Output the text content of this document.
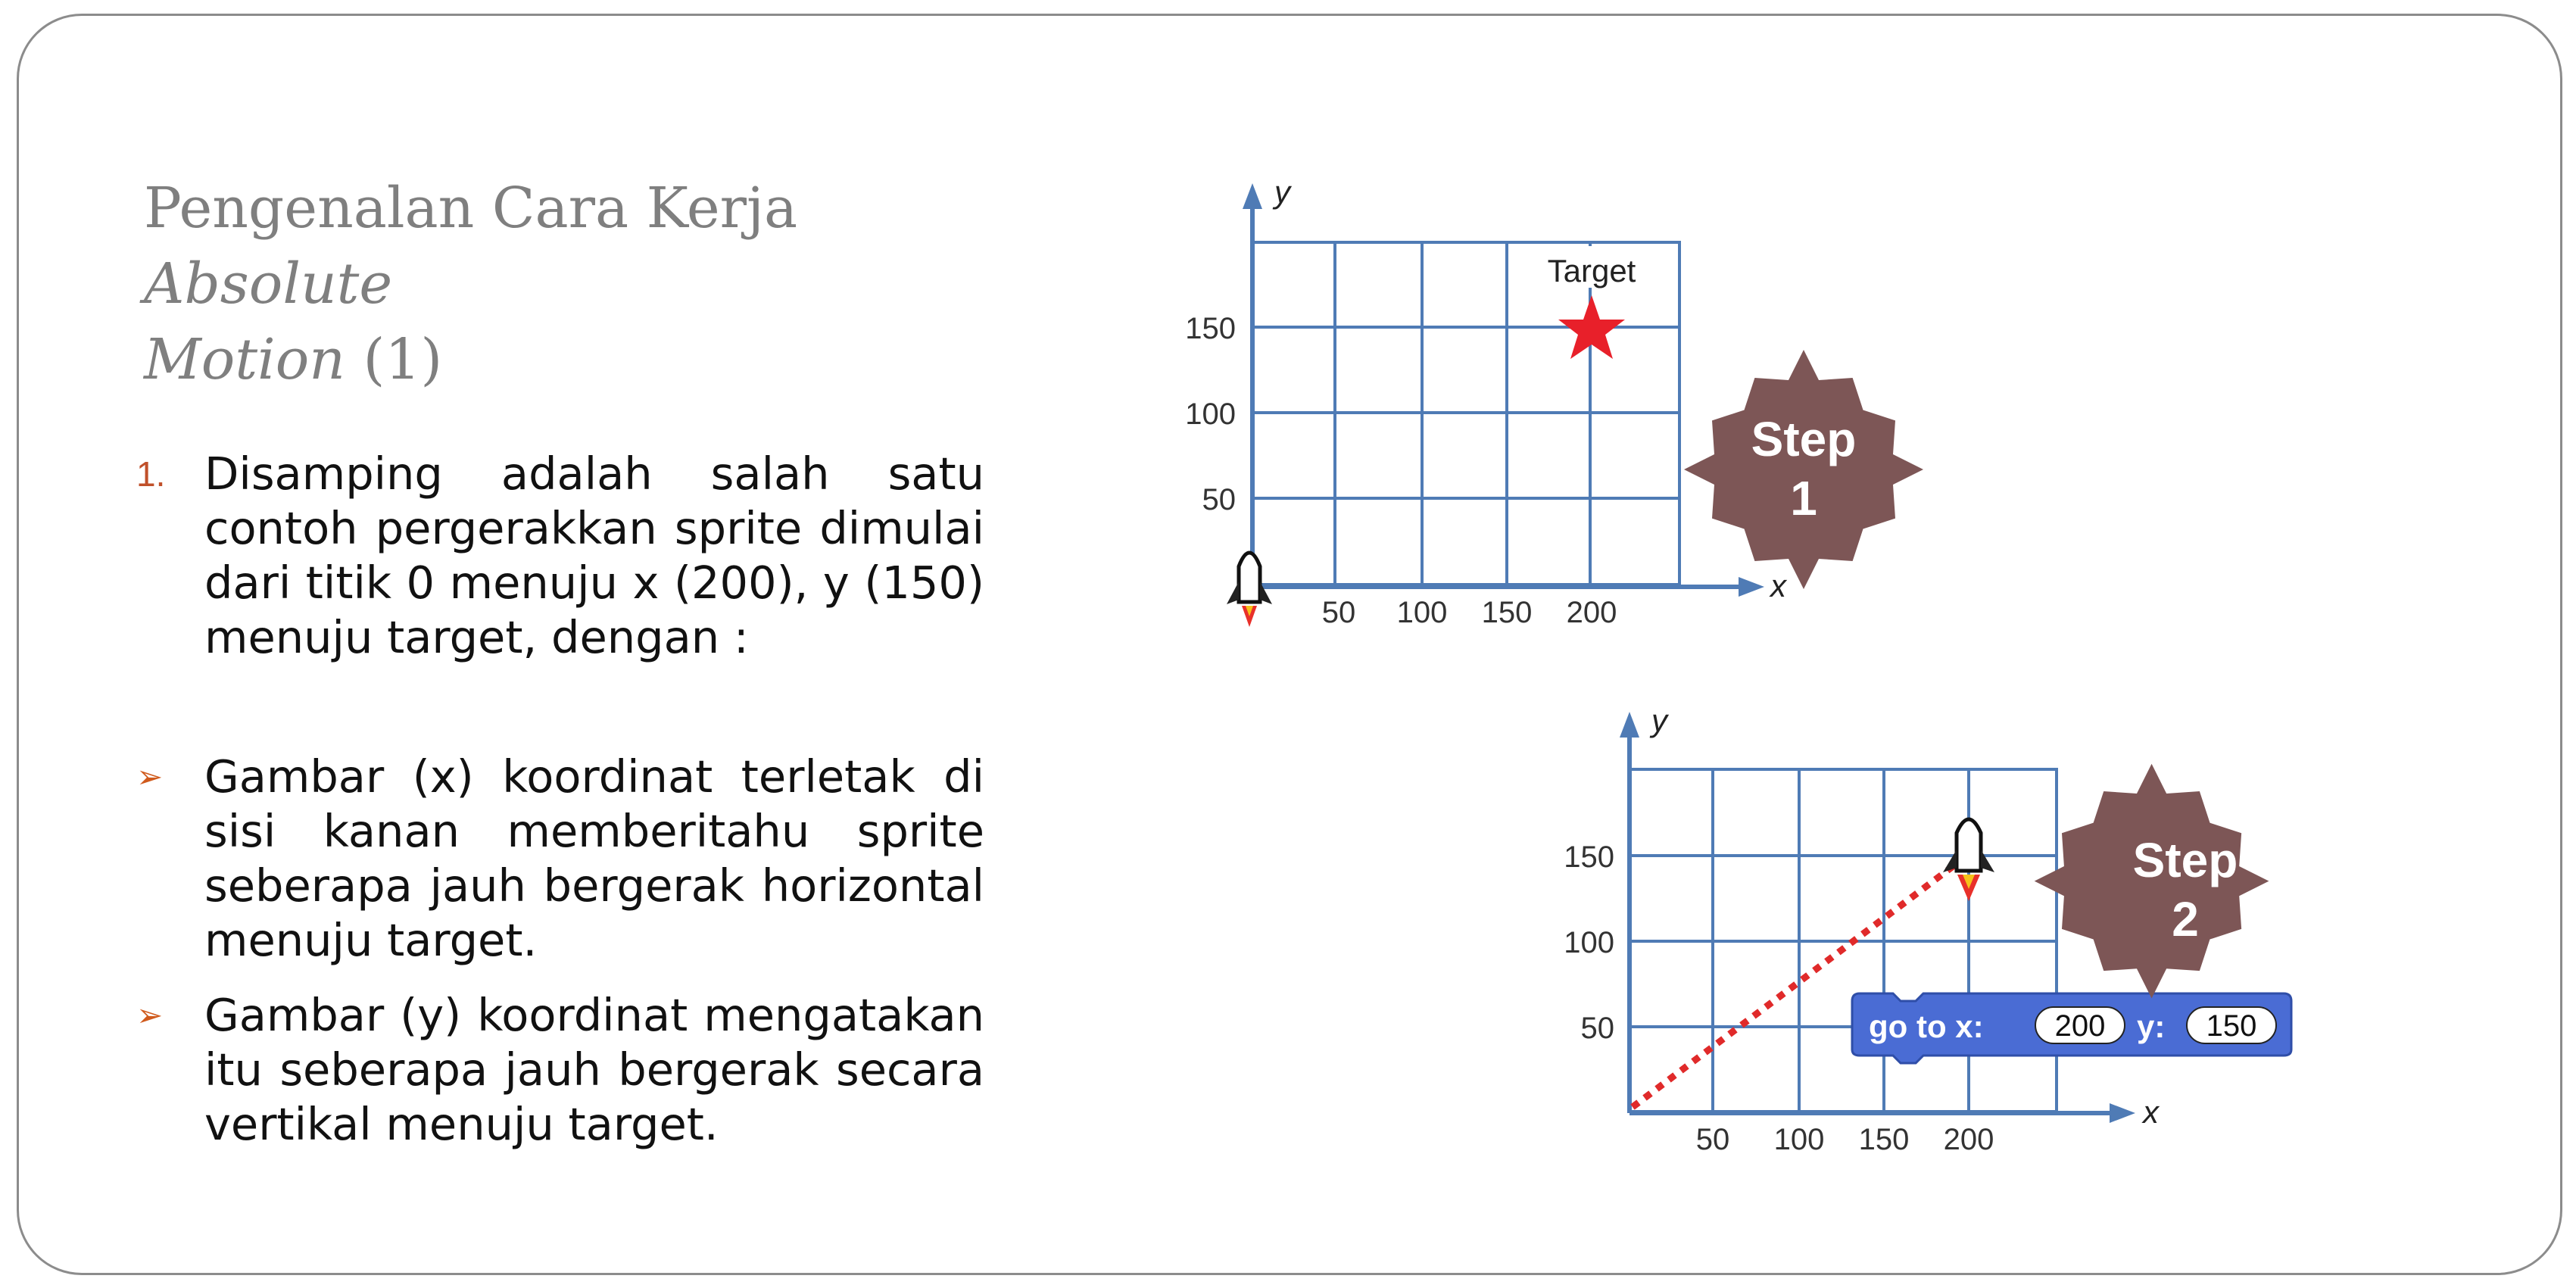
Pengenalan Cara Kerja Absolute
Motion (1)
1. Disamping adalah salah satu contoh pergerakkan sprite dimulai dari titik 0 menuju x (200), y (150) menuju target, dengan :
➢ Gambar (x) koordinat terletak di sisi kanan memberitahu sprite seberapa jauh bergerak horizontal menuju target.
➢ Gambar (y) koordinat mengatakan itu seberapa jauh bergerak secara vertikal menuju target.
y
x
150
100
50
50 100 150 200
Target
Step
1
y
x
150
100
50
50 100 150 200
go to x: 200 y: 150
Step
2
